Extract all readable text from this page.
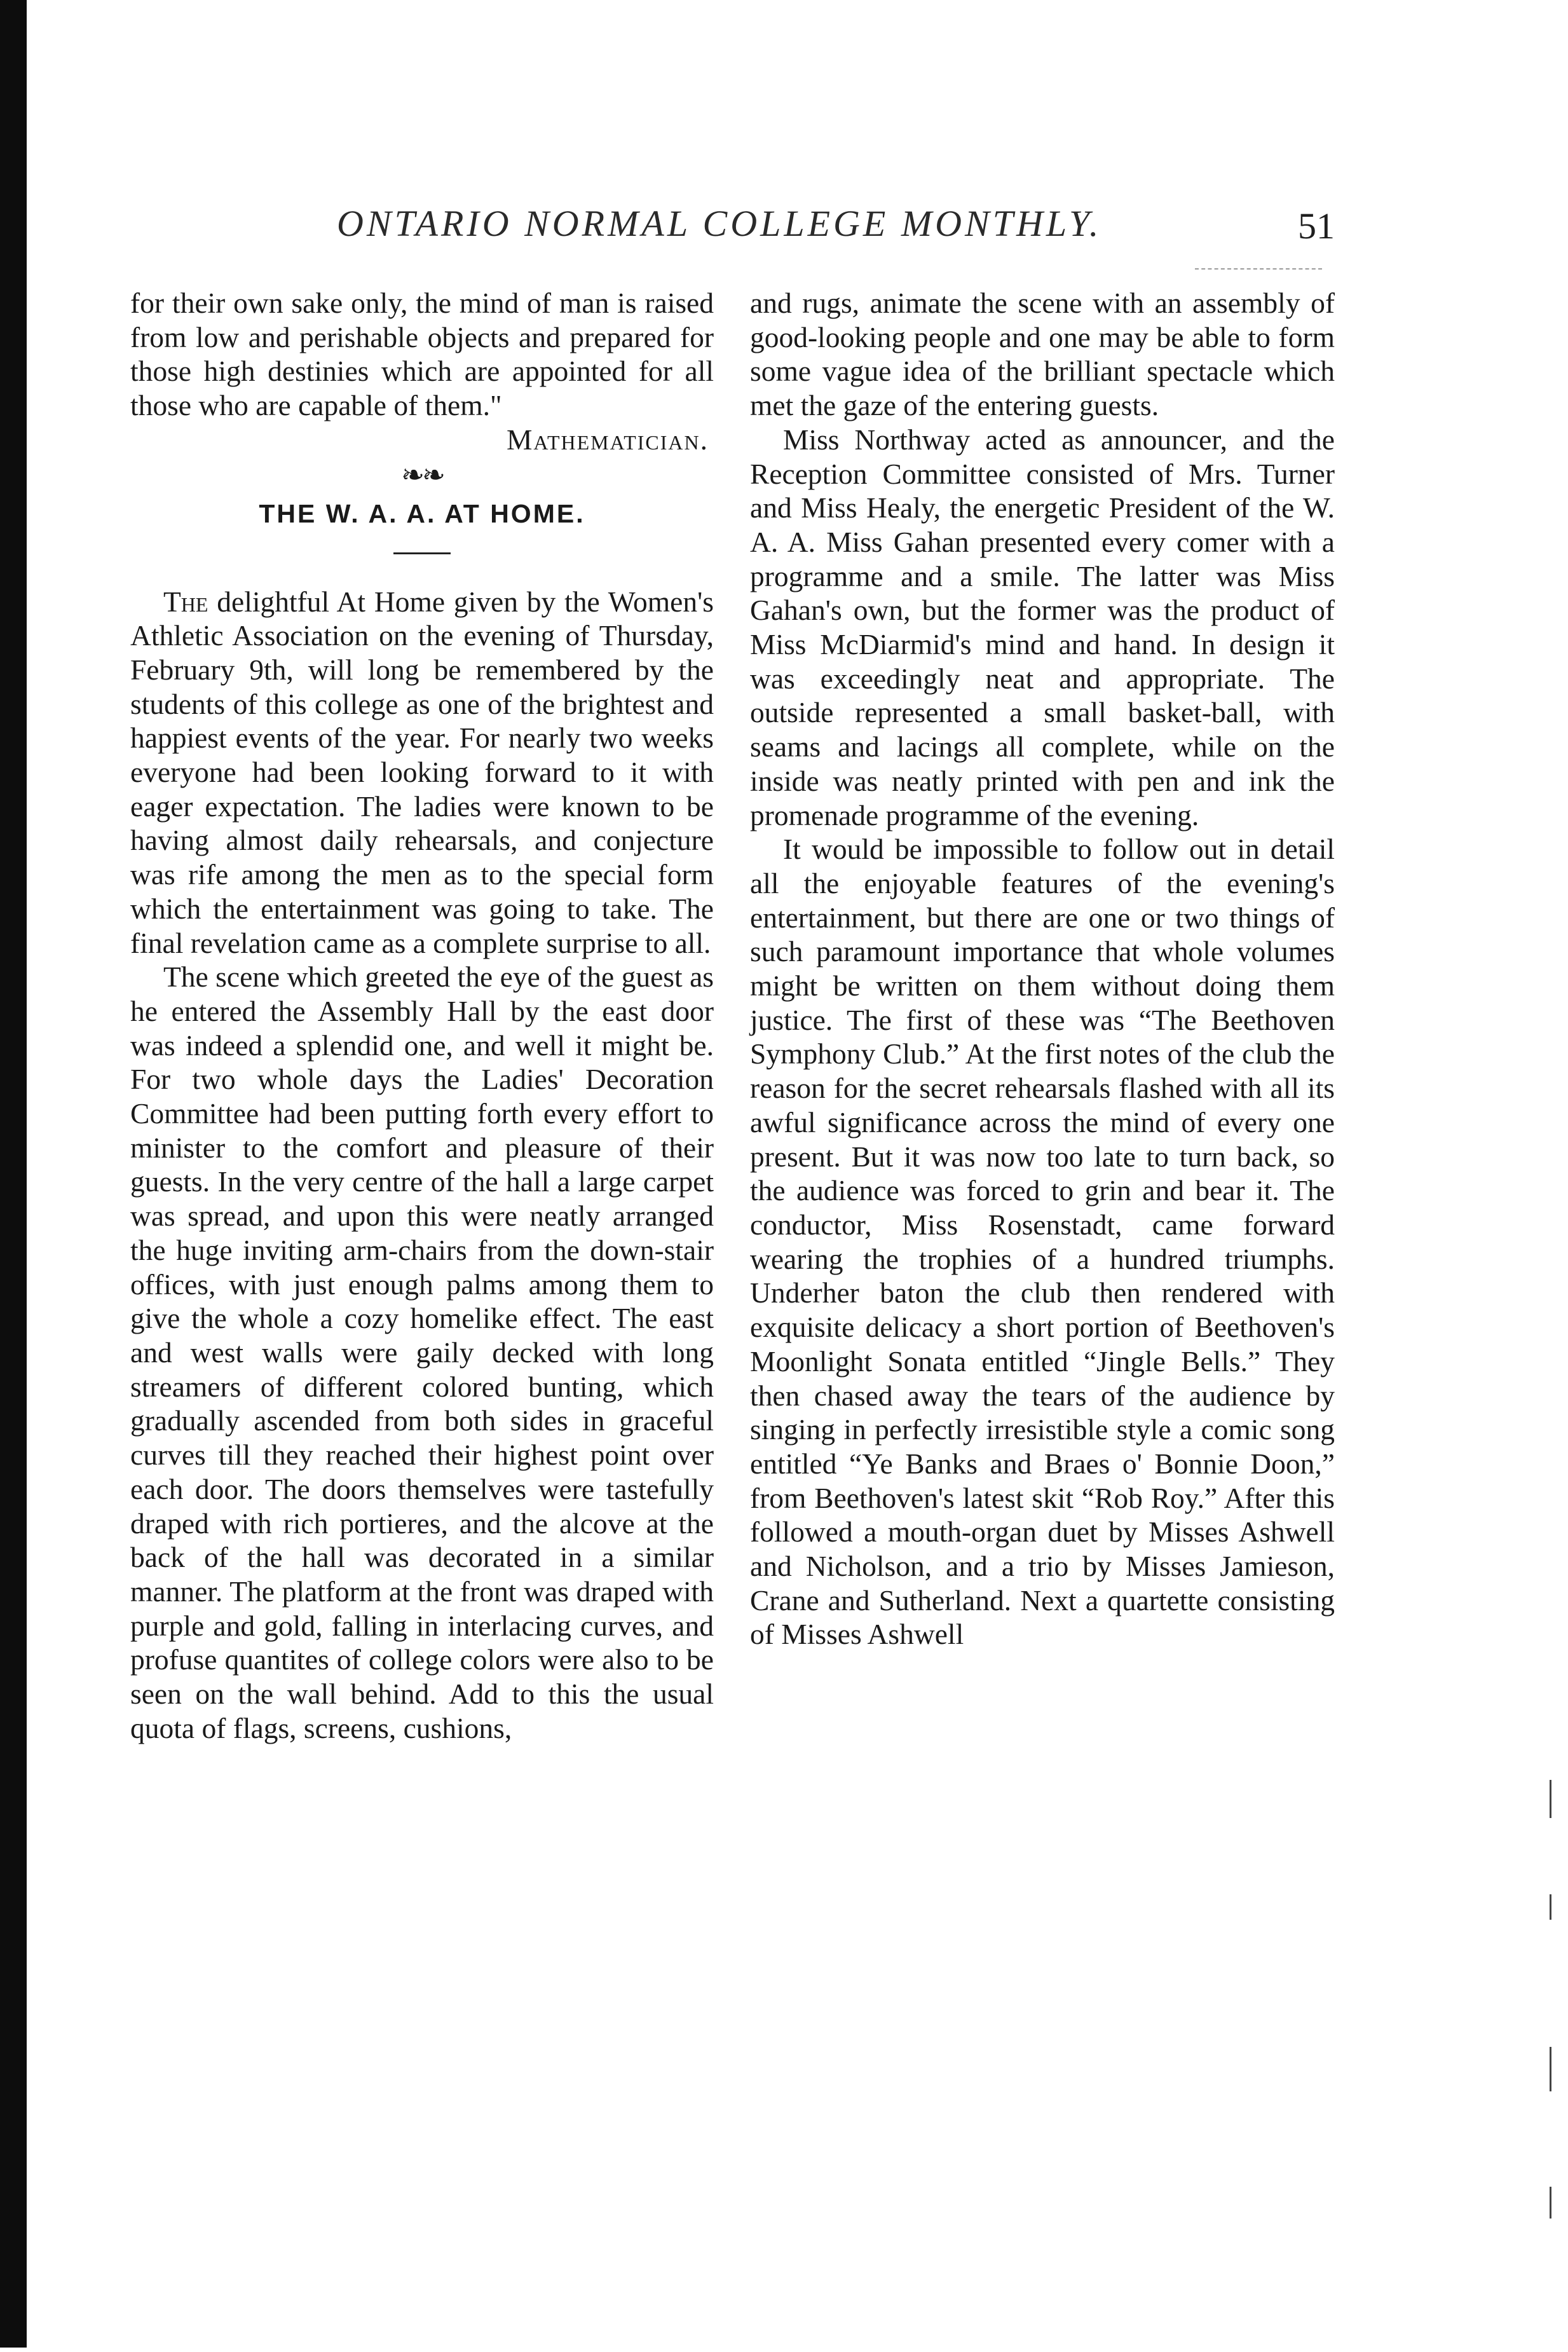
ONTARIO NORMAL COLLEGE MONTHLY.	51

for their own sake only, the mind of man is raised from low and perishable objects and prepared for those high destinies which are appointed for all those who are capable of them."

Mathematician.

❧❧

THE W. A. A. AT HOME.

The delightful At Home given by the Women's Athletic Association on the evening of Thursday, February 9th, will long be remembered by the students of this college as one of the brightest and happiest events of the year. For nearly two weeks everyone had been looking forward to it with eager expectation. The ladies were known to be having almost daily rehearsals, and conjecture was rife among the men as to the special form which the entertainment was going to take. The final revelation came as a complete surprise to all.

The scene which greeted the eye of the guest as he entered the Assembly Hall by the east door was indeed a splendid one, and well it might be. For two whole days the Ladies' Decoration Committee had been putting forth every effort to minister to the comfort and pleasure of their guests. In the very centre of the hall a large carpet was spread, and upon this were neatly arranged the huge inviting arm-chairs from the down-stair offices, with just enough palms among them to give the whole a cozy homelike effect. The east and west walls were gaily decked with long streamers of different colored bunting, which gradually ascended from both sides in graceful curves till they reached their highest point over each door. The doors themselves were tastefully draped with rich portieres, and the alcove at the back of the hall was decorated in a similar manner. The platform at the front was draped with purple and gold, falling in interlacing curves, and profuse quantites of college colors were also to be seen on the wall behind. Add to this the usual quota of flags, screens, cushions,

and rugs, animate the scene with an assembly of good-looking people and one may be able to form some vague idea of the brilliant spectacle which met the gaze of the entering guests.

Miss Northway acted as announcer, and the Reception Committee consisted of Mrs. Turner and Miss Healy, the energetic President of the W. A. A. Miss Gahan presented every comer with a programme and a smile. The latter was Miss Gahan's own, but the former was the product of Miss McDiarmid's mind and hand. In design it was exceedingly neat and appropriate. The outside represented a small basket-ball, with seams and lacings all complete, while on the inside was neatly printed with pen and ink the promenade programme of the evening.

It would be impossible to follow out in detail all the enjoyable features of the evening's entertainment, but there are one or two things of such paramount importance that whole volumes might be written on them without doing them justice. The first of these was “The Beethoven Symphony Club.” At the first notes of the club the reason for the secret rehearsals flashed with all its awful significance across the mind of every one present. But it was now too late to turn back, so the audience was forced to grin and bear it. The conductor, Miss Rosenstadt, came forward wearing the trophies of a hundred triumphs. Underher baton the club then rendered with exquisite delicacy a short portion of Beethoven's Moonlight Sonata entitled “Jingle Bells.” They then chased away the tears of the audience by singing in perfectly irresistible style a comic song entitled “Ye Banks and Braes o' Bonnie Doon,” from Beethoven's latest skit “Rob Roy.” After this followed a mouth-organ duet by Misses Ashwell and Nicholson, and a trio by Misses Jamieson, Crane and Sutherland. Next a quartette consisting of Misses Ashwell
